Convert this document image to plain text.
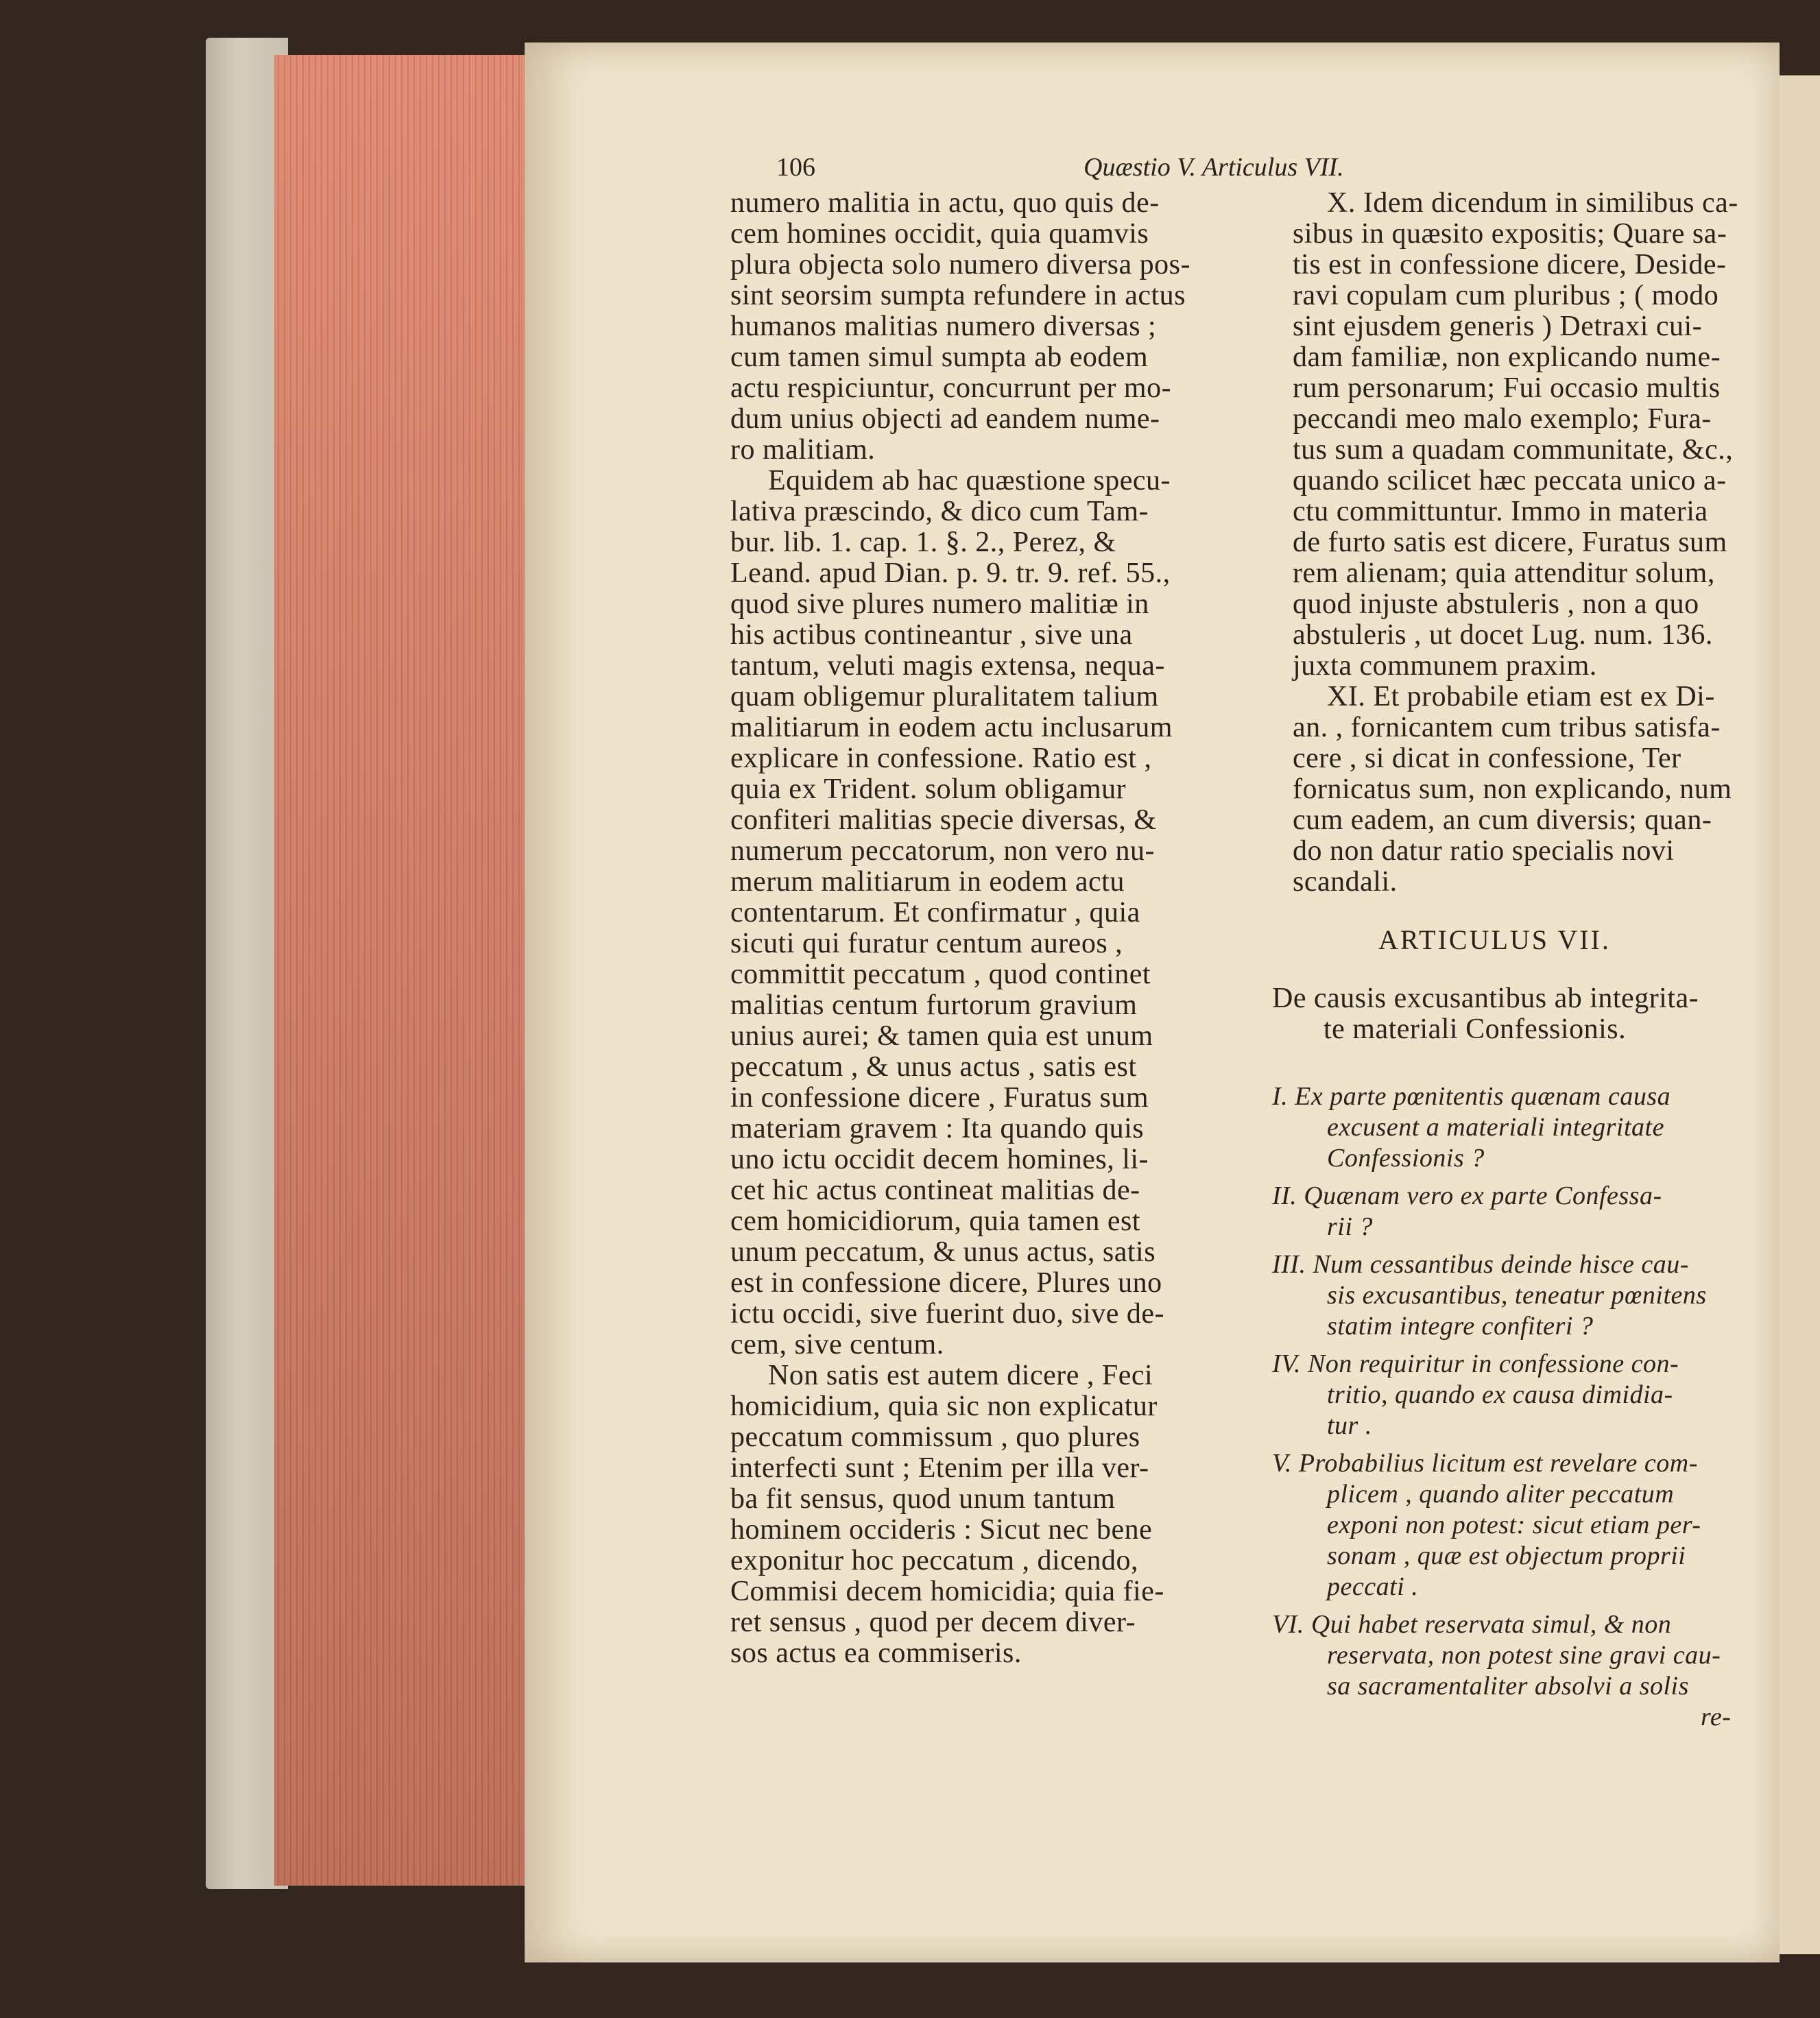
106	Quæstio V. Articulus VII.
numero malitia in actu, quo quis de-
cem homines occidit, quia quamvis
plura objecta solo numero diversa pos-
sint seorsim sumpta refundere in actus
humanos malitias numero diversas ;
cum tamen simul sumpta ab eodem
actu respiciuntur, concurrunt per mo-
dum unius objecti ad eandem nume-
ro malitiam.
Equidem ab hac quæstione specu-
lativa præscindo, & dico cum Tam-
bur. lib. 1. cap. 1. §. 2., Perez, &
Leand. apud Dian. p. 9. tr. 9. ref. 55.,
quod sive plures numero malitiæ in
his actibus contineantur , sive una
tantum, veluti magis extensa, nequa-
quam obligemur pluralitatem talium
malitiarum in eodem actu inclusarum
explicare in confessione. Ratio est ,
quia ex Trident. solum obligamur
confiteri malitias specie diversas, &
numerum peccatorum, non vero nu-
merum malitiarum in eodem actu
contentarum. Et confirmatur , quia
sicuti qui furatur centum aureos ,
committit peccatum , quod continet
malitias centum furtorum gravium
unius aurei; & tamen quia est unum
peccatum , & unus actus , satis est
in confessione dicere , Furatus sum
materiam gravem : Ita quando quis
uno ictu occidit decem homines, li-
cet hic actus contineat malitias de-
cem homicidiorum, quia tamen est
unum peccatum, & unus actus, satis
est in confessione dicere, Plures uno
ictu occidi, sive fuerint duo, sive de-
cem, sive centum.
Non satis est autem dicere , Feci
homicidium, quia sic non explicatur
peccatum commissum , quo plures
interfecti sunt ; Etenim per illa ver-
ba fit sensus, quod unum tantum
hominem occideris : Sicut nec bene
exponitur hoc peccatum , dicendo,
Commisi decem homicidia; quia fie-
ret sensus , quod per decem diver-
sos actus ea commiseris.
X. Idem dicendum in similibus ca-
sibus in quæsito expositis; Quare sa-
tis est in confessione dicere, Deside-
ravi copulam cum pluribus ; ( modo
sint ejusdem generis ) Detraxi cui-
dam familiæ, non explicando nume-
rum personarum; Fui occasio multis
peccandi meo malo exemplo; Fura-
tus sum a quadam communitate, &c.,
quando scilicet hæc peccata unico a-
ctu committuntur. Immo in materia
de furto satis est dicere, Furatus sum
rem alienam; quia attenditur solum,
quod injuste abstuleris , non a quo
abstuleris , ut docet Lug. num. 136.
juxta communem praxim.
XI. Et probabile etiam est ex Di-
an. , fornicantem cum tribus satisfa-
cere , si dicat in confessione, Ter
fornicatus sum, non explicando, num
cum eadem, an cum diversis; quan-
do non datur ratio specialis novi
scandali.
ARTICULUS VII.
De causis excusantibus ab integrita-
te materiali Confessionis.
I. Ex parte pœnitentis quænam causa
excusent a materiali integritate
Confessionis ?
II. Quænam vero ex parte Confessa-
rii ?
III. Num cessantibus deinde hisce cau-
sis excusantibus, teneatur pœnitens
statim integre confiteri ?
IV. Non requiritur in confessione con-
tritio, quando ex causa dimidia-
tur .
V. Probabilius licitum est revelare com-
plicem , quando aliter peccatum
exponi non potest: sicut etiam per-
sonam , quæ est objectum proprii
peccati .
VI. Qui habet reservata simul, & non
reservata, non potest sine gravi cau-
sa sacramentaliter absolvi a solis
re-
